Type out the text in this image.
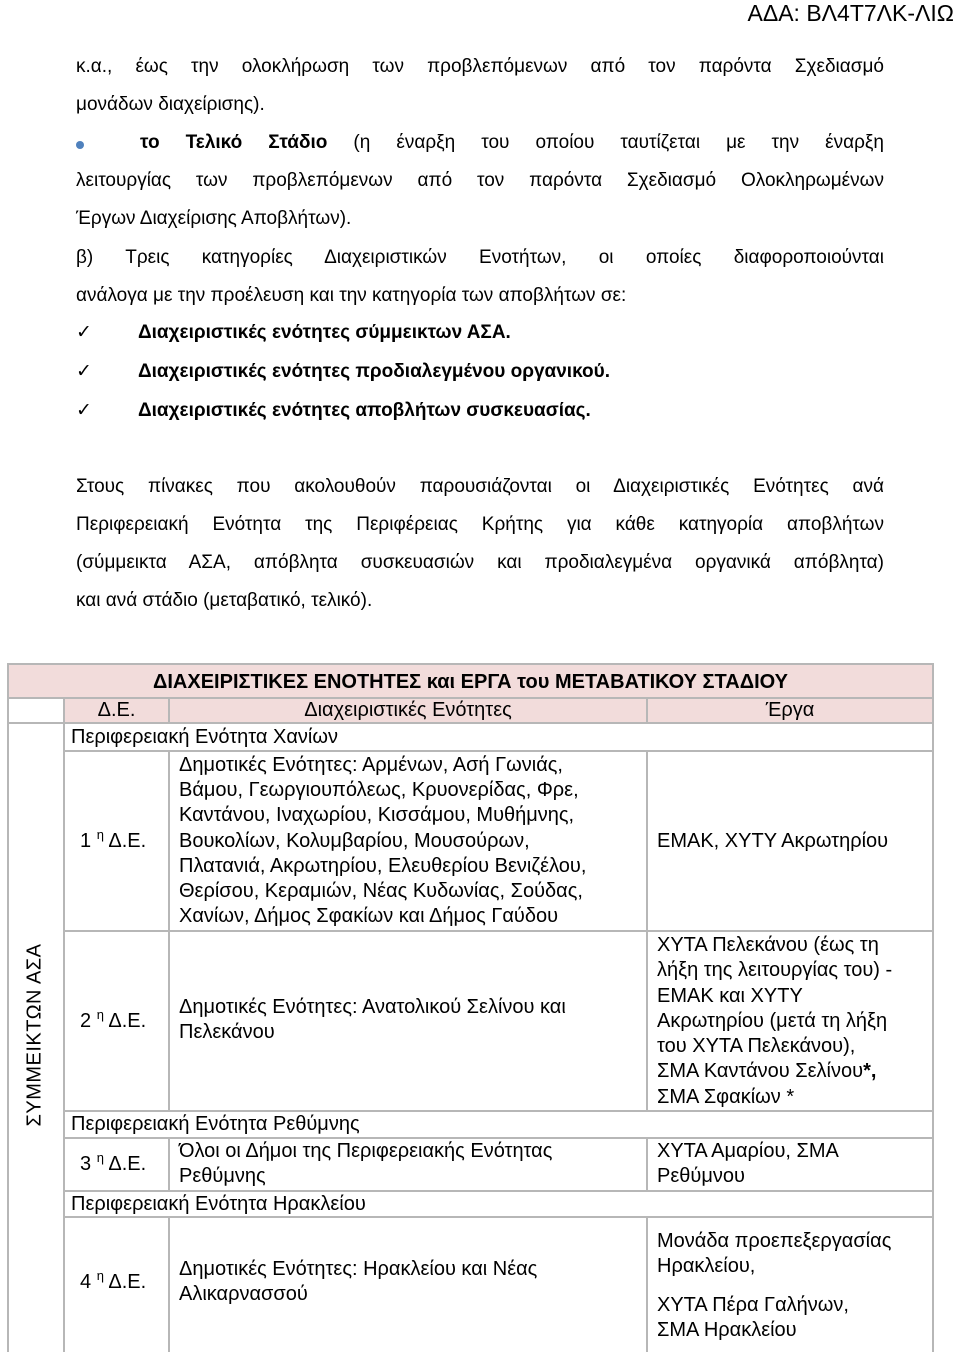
ΑΔΑ: ΒΛ4Τ7ΛΚ-ΛΙΩ
κ.α., έως την ολοκλήρωση των προβλεπόμενων από τον παρόντα Σχεδιασμό
μονάδων διαχείρισης).
το Τελικό Στάδιο (η έναρξη του οποίου ταυτίζεται με την έναρξη
λειτουργίας των προβλεπόμενων από τον παρόντα Σχεδιασμό Ολοκληρωμένων
Έργων Διαχείρισης Αποβλήτων).
β) Τρεις κατηγορίες Διαχειριστικών Ενοτήτων, οι οποίες διαφοροποιούνται
ανάλογα με την προέλευση και την κατηγορία των αποβλήτων σε:
✓ Διαχειριστικές ενότητες σύμμεικτων ΑΣΑ.
✓ Διαχειριστικές ενότητες προδιαλεγμένου οργανικού.
✓ Διαχειριστικές ενότητες αποβλήτων συσκευασίας.
Στους πίνακες που ακολουθούν παρουσιάζονται οι Διαχειριστικές Ενότητες ανά
Περιφερειακή Ενότητα της Περιφέρειας Κρήτης για κάθε κατηγορία αποβλήτων
(σύμμεικτα ΑΣΑ, απόβλητα συσκευασιών και προδιαλεγμένα οργανικά απόβλητα)
και ανά στάδιο (μεταβατικό, τελικό).
ΔΙΑΧΕΙΡΙΣΤΙΚΕΣ ΕΝΟΤΗΤΕΣ και ΕΡΓΑ του ΜΕΤΑΒΑΤΙΚΟΥ ΣΤΑΔΙΟΥ
Δ.Ε.	Διαχειριστικές Ενότητες	Έργα
ΣΥΜΜΕΙΚΤΩΝ ΑΣΑ
Περιφερειακή Ενότητα Χανίων
1 $^\eta$ Δ.Ε.
Δημοτικές Ενότητες: Αρμένων, Ασή Γωνιάς,
Βάμου, Γεωργιουπόλεως, Κρυονερίδας, Φρε,
Καντάνου, Ιναχωρίου, Κισσάμου, Μυθήμνης,
Βουκολίων, Κολυμβαρίου, Μουσούρων,
Πλατανιά, Ακρωτηρίου, Ελευθερίου Βενιζέλου,
Θερίσου, Κεραμιών, Νέας Κυδωνίας, Σούδας,
Χανίων, Δήμος Σφακίων και Δήμος Γαύδου
ΕΜΑΚ, ΧΥΤΥ Ακρωτηρίου
2 $^\eta$ Δ.Ε.
Δημοτικές Ενότητες: Ανατολικού Σελίνου και
Πελεκάνου
ΧΥΤΑ Πελεκάνου (έως τη
λήξη της λειτουργίας του) -
ΕΜΑΚ και ΧΥΤΥ
Ακρωτηρίου (μετά τη λήξη
του ΧΥΤΑ Πελεκάνου),
ΣΜΑ Καντάνου Σελίνου*,
ΣΜΑ Σφακίων *
Περιφερειακή Ενότητα Ρεθύμνης
3 $^\eta$ Δ.Ε.
Όλοι οι Δήμοι της Περιφερειακής Ενότητας
Ρεθύμνης
ΧΥΤΑ Αμαρίου, ΣΜΑ
Ρεθύμνου
Περιφερειακή Ενότητα Ηρακλείου
4 $^\eta$ Δ.Ε.
Δημοτικές Ενότητες: Ηρακλείου και Νέας
Αλικαρνασσού
Μονάδα προεπεξεργασίας
Ηρακλείου,
ΧΥΤΑ Πέρα Γαλήνων,
ΣΜΑ Ηρακλείου
